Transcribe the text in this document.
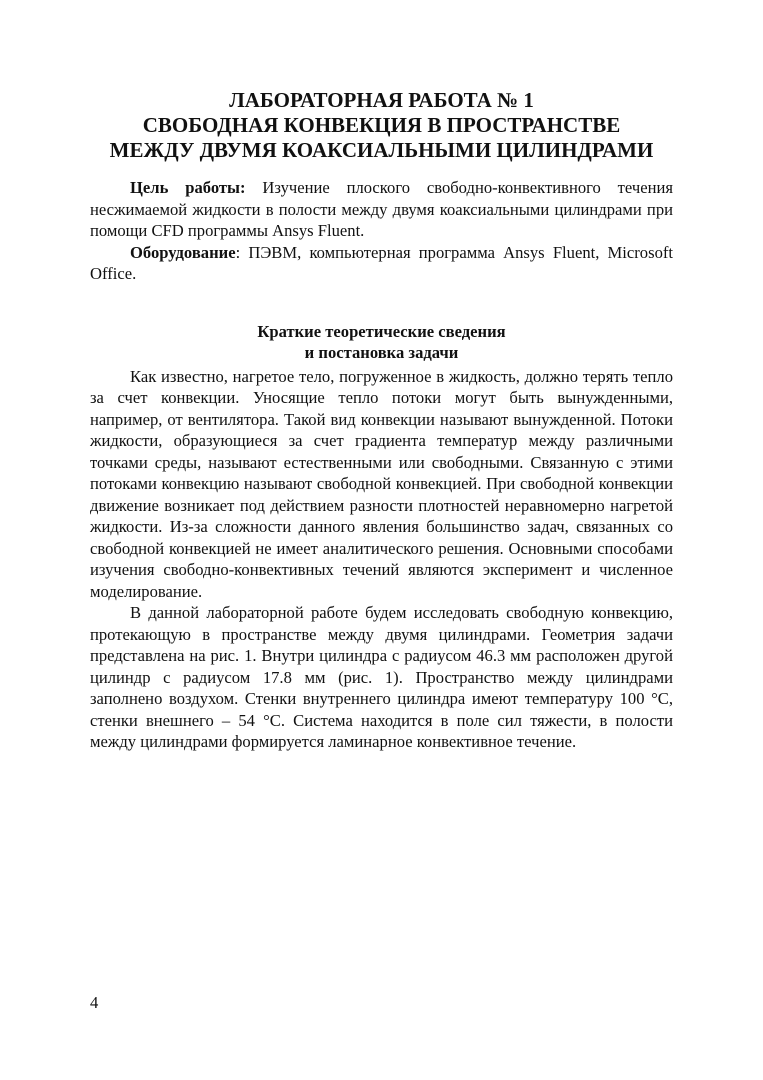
ЛАБОРАТОРНАЯ РАБОТА № 1
СВОБОДНАЯ КОНВЕКЦИЯ В ПРОСТРАНСТВЕ
МЕЖДУ ДВУМЯ КОАКСИАЛЬНЫМИ ЦИЛИНДРАМИ

Цель работы: Изучение плоского свободно-конвективного течения несжимаемой жидкости в полости между двумя коаксиальными цилиндрами при помощи CFD программы Ansys Fluent.

Оборудование: ПЭВМ, компьютерная программа Ansys Fluent, Microsoft Office.

Краткие теоретические сведения
и постановка задачи

Как известно, нагретое тело, погруженное в жидкость, должно терять тепло за счет конвекции. Уносящие тепло потоки могут быть вынужденными, например, от вентилятора. Такой вид конвекции называют вынужденной. Потоки жидкости, образующиеся за счет градиента температур между различными точками среды, называют естественными или свободными. Связанную с этими потоками конвекцию называют свободной конвекцией. При свободной конвекции движение возникает под действием разности плотностей неравномерно нагретой жидкости. Из-за сложности данного явления большинство задач, связанных со свободной конвекцией не имеет аналитического решения. Основными способами изучения свободно-конвективных течений являются эксперимент и численное моделирование.

В данной лабораторной работе будем исследовать свободную конвекцию, протекающую в пространстве между двумя цилиндрами. Геометрия задачи представлена на рис. 1. Внутри цилиндра с радиусом 46.3 мм расположен другой цилиндр с радиусом 17.8 мм (рис. 1). Пространство между цилиндрами заполнено воздухом. Стенки внутреннего цилиндра имеют температуру 100 °С, стенки внешнего – 54 °С. Система находится в поле сил тяжести, в полости между цилиндрами формируется ламинарное конвективное течение.

4
